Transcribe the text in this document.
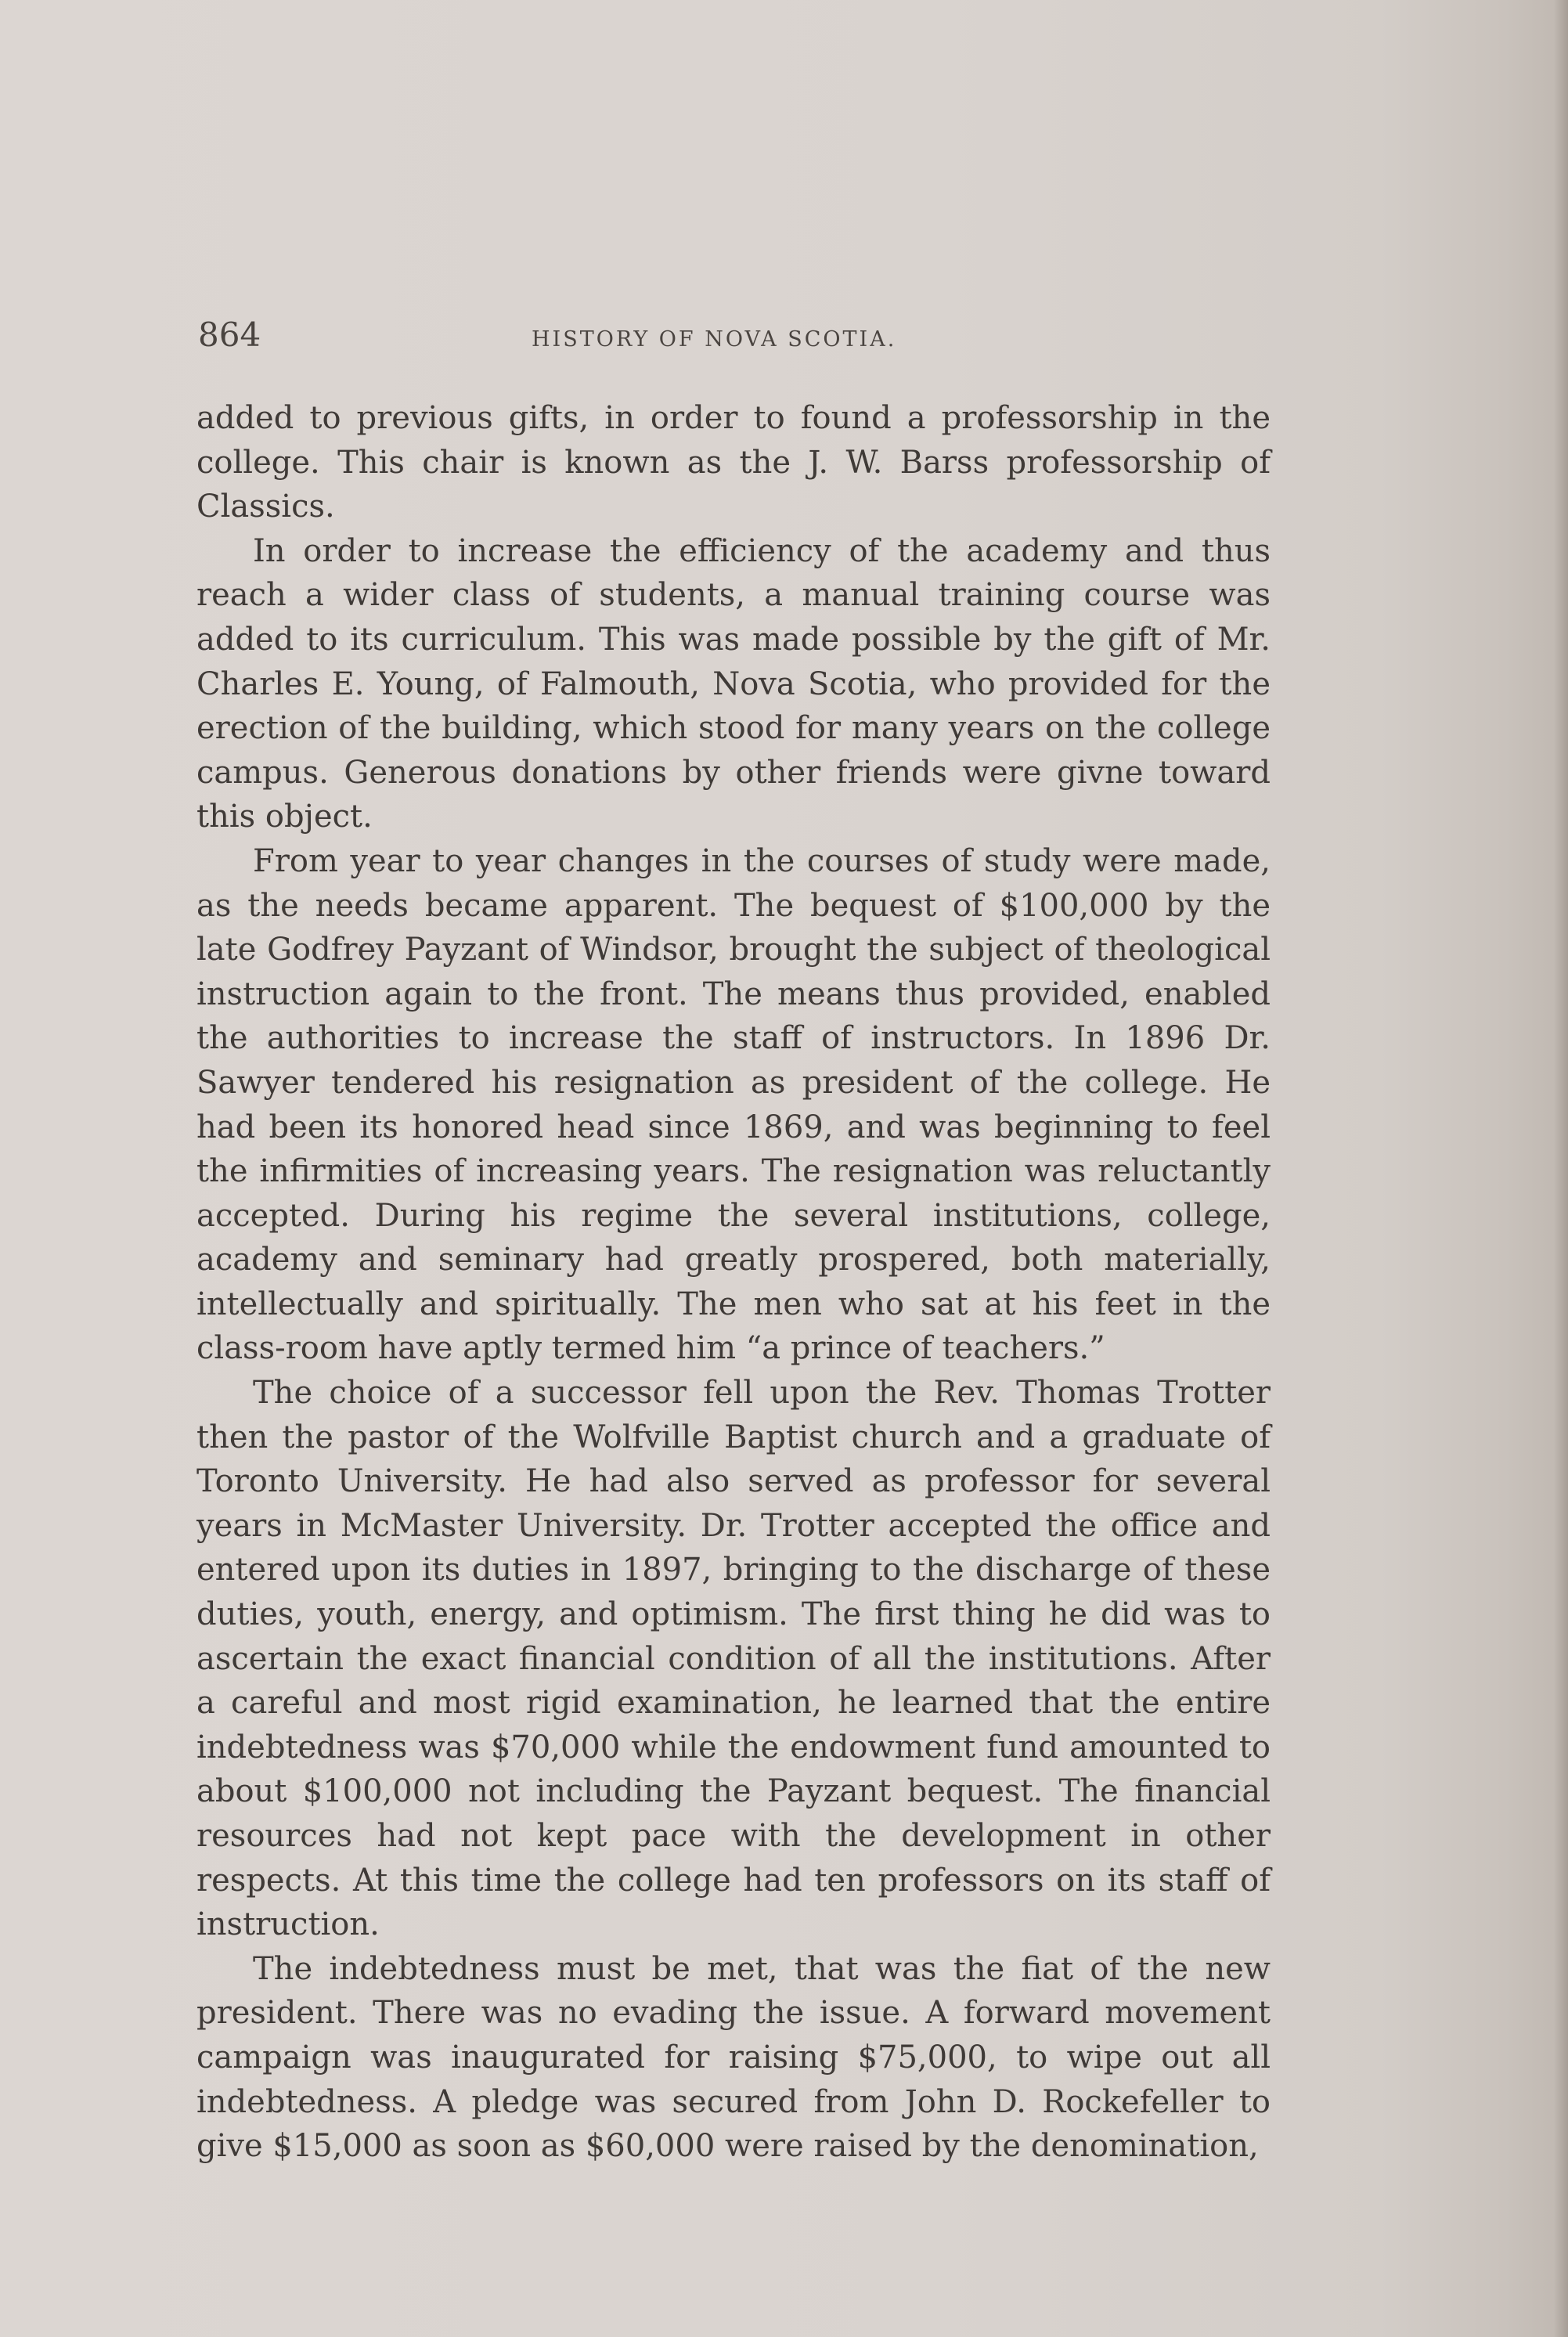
864	HISTORY OF NOVA SCOTIA.

added to previous gifts, in order to found a professorship in the college. This chair is known as the J. W. Barss professorship of Classics.

In order to increase the efficiency of the academy and thus reach a wider class of students, a manual training course was added to its curriculum. This was made possible by the gift of Mr. Charles E. Young, of Falmouth, Nova Scotia, who provided for the erection of the building, which stood for many years on the college campus. Generous donations by other friends were givne toward this object.

From year to year changes in the courses of study were made, as the needs became apparent. The bequest of $100,000 by the late Godfrey Payzant of Windsor, brought the subject of theological instruction again to the front. The means thus provided, enabled the authorities to increase the staff of instructors. In 1896 Dr. Sawyer tendered his resignation as president of the college. He had been its honored head since 1869, and was beginning to feel the infirmities of increasing years. The resignation was reluctantly accepted. During his regime the several institutions, college, academy and seminary had greatly prospered, both materially, intellectually and spiritually. The men who sat at his feet in the class-room have aptly termed him “a prince of teachers.”

The choice of a successor fell upon the Rev. Thomas Trotter then the pastor of the Wolfville Baptist church and a graduate of Toronto University. He had also served as professor for several years in McMaster University. Dr. Trotter accepted the office and entered upon its duties in 1897, bringing to the discharge of these duties, youth, energy, and optimism. The first thing he did was to ascertain the exact financial condition of all the institutions. After a careful and most rigid examination, he learned that the entire indebtedness was $70,000 while the endowment fund amounted to about $100,000 not including the Payzant bequest. The financial resources had not kept pace with the development in other respects. At this time the college had ten professors on its staff of instruction.

The indebtedness must be met, that was the fiat of the new president. There was no evading the issue. A forward movement campaign was inaugurated for raising $75,000, to wipe out all indebtedness. A pledge was secured from John D. Rockefeller to give $15,000 as soon as $60,000 were raised by the denomination,
